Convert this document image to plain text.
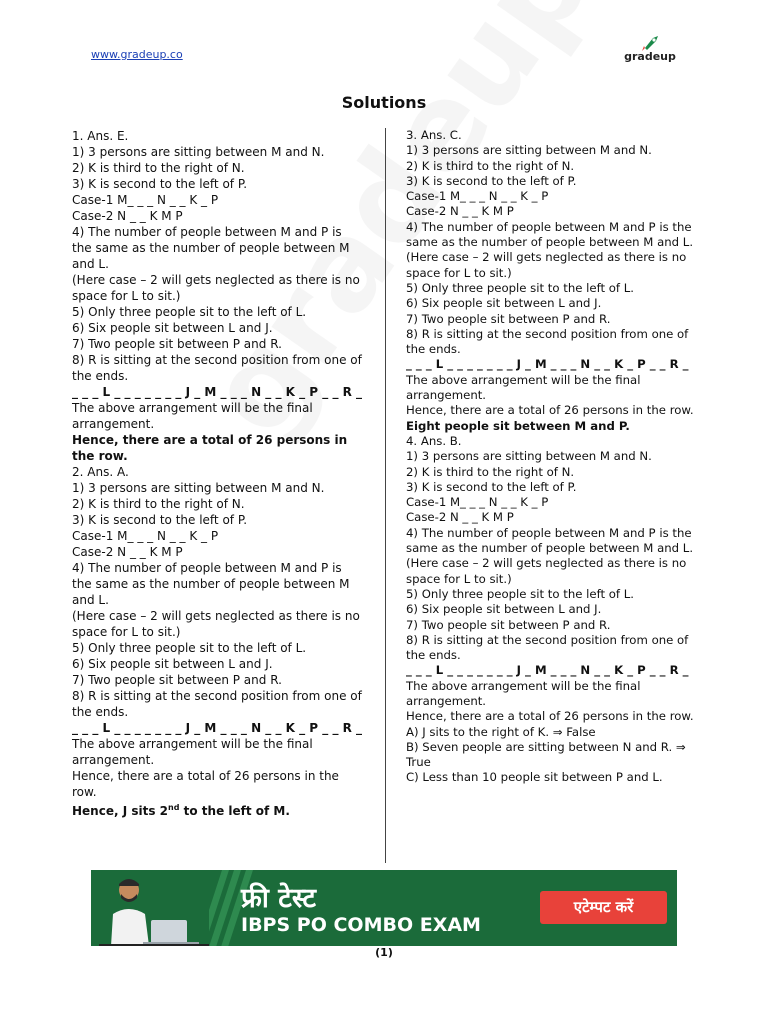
www.gradeup.co	gradeup
Solutions

1. Ans. E.

1) 3 persons are sitting between M and N.

2) K is third to the right of N.

3) K is second to the left of P.

Case-1 M_ _ _ N _ _ K _ P

Case-2 N _ _ K M P

4) The number of people between M and P is the same as the number of people between M and L.

(Here case – 2 will gets neglected as there is no space for L to sit.)

5) Only three people sit to the left of L.

6) Six people sit between L and J.

7) Two people sit between P and R.

8) R is sitting at the second position from one of the ends.

_ _ _ L _ _ _ _ _ _ _ J _ M _ _ _ N _ _ K _ P _ _ R _

The above arrangement will be the final arrangement.

Hence, there are a total of 26 persons in the row.

2. Ans. A.

1) 3 persons are sitting between M and N.

2) K is third to the right of N.

3) K is second to the left of P.

Case-1 M_ _ _ N _ _ K _ P

Case-2 N _ _ K M P

4) The number of people between M and P is the same as the number of people between M and L.

(Here case – 2 will gets neglected as there is no space for L to sit.)

5) Only three people sit to the left of L.

6) Six people sit between L and J.

7) Two people sit between P and R.

8) R is sitting at the second position from one of the ends.

_ _ _ L _ _ _ _ _ _ _ J _ M _ _ _ N _ _ K _ P _ _ R _

The above arrangement will be the final arrangement.

Hence, there are a total of 26 persons in the row.

Hence, J sits 2nd to the left of M.

3. Ans. C.

1) 3 persons are sitting between M and N.

2) K is third to the right of N.

3) K is second to the left of P.

Case-1 M_ _ _ N _ _ K _ P

Case-2 N _ _ K M P

4) The number of people between M and P is the same as the number of people between M and L.

(Here case – 2 will gets neglected as there is no space for L to sit.)

5) Only three people sit to the left of L.

6) Six people sit between L and J.

7) Two people sit between P and R.

8) R is sitting at the second position from one of the ends.

_ _ _ L _ _ _ _ _ _ _ J _ M _ _ _ N _ _ K _ P _ _ R _

The above arrangement will be the final arrangement.

Hence, there are a total of 26 persons in the row.

Eight people sit between M and P.

4. Ans. B.

1) 3 persons are sitting between M and N.

2) K is third to the right of N.

3) K is second to the left of P.

Case-1 M_ _ _ N _ _ K _ P

Case-2 N _ _ K M P

4) The number of people between M and P is the same as the number of people between M and L.

(Here case – 2 will gets neglected as there is no space for L to sit.)

5) Only three people sit to the left of L.

6) Six people sit between L and J.

7) Two people sit between P and R.

8) R is sitting at the second position from one of the ends.

_ _ _ L _ _ _ _ _ _ _ J _ M _ _ _ N _ _ K _ P _ _ R _

The above arrangement will be the final arrangement.

Hence, there are a total of 26 persons in the row.

A) J sits to the right of K. ⇒ False

B) Seven people are sitting between N and R. ⇒ True

C) Less than 10 people sit between P and L.

फ्री टेस्ट
IBPS PO COMBO EXAM
एटेम्पट करें
(1)
